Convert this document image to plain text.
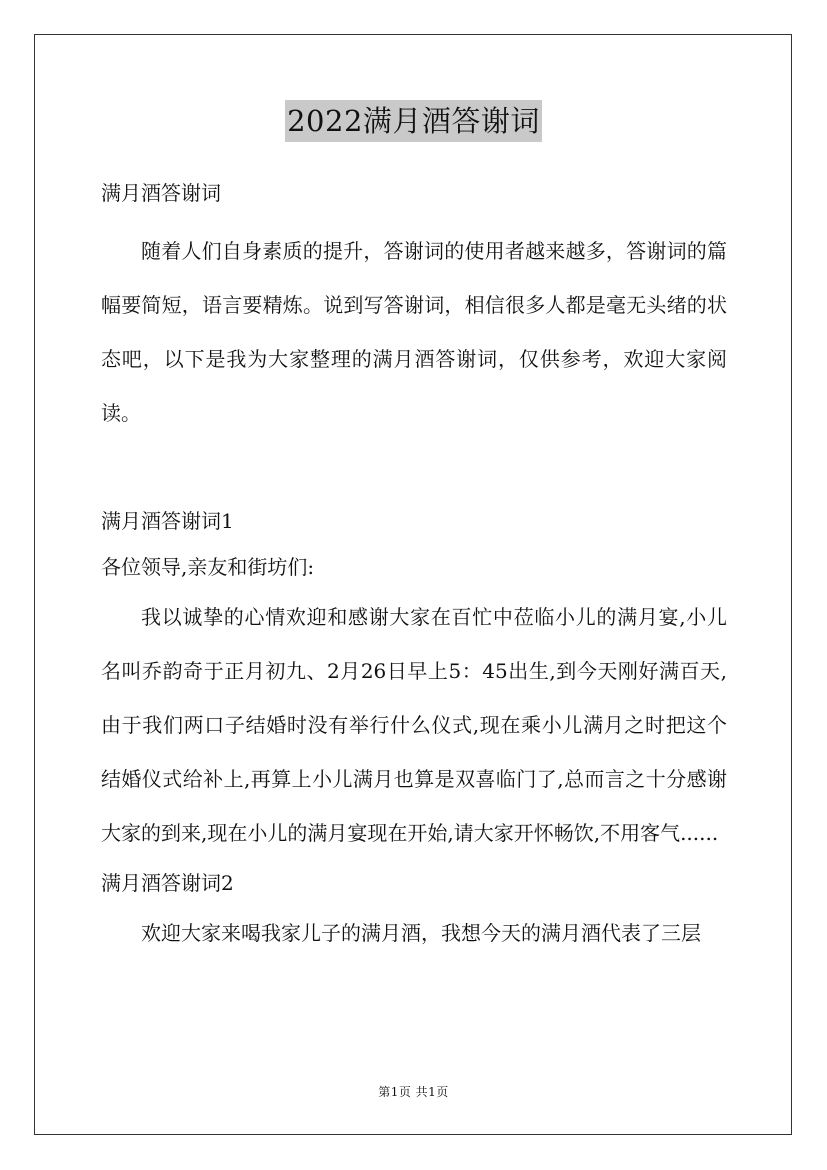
2022满月酒答谢词
满月酒答谢词

随着人们自身素质的提升，答谢词的使用者越来越多，答谢词的篇幅要简短，语言要精炼。说到写答谢词，相信很多人都是毫无头绪的状态吧，以下是我为大家整理的满月酒答谢词，仅供参考，欢迎大家阅读。

满月酒答谢词1
各位领导,亲友和街坊们:

我以诚挚的心情欢迎和感谢大家在百忙中莅临小儿的满月宴,小儿名叫乔韵奇于正月初九、2月26日早上5：45出生,到今天刚好满百天,由于我们两口子结婚时没有举行什么仪式,现在乘小儿满月之时把这个结婚仪式给补上,再算上小儿满月也算是双喜临门了,总而言之十分感谢大家的到来,现在小儿的满月宴现在开始,请大家开怀畅饮,不用客气......

满月酒答谢词2

欢迎大家来喝我家儿子的满月酒，我想今天的满月酒代表了三层

第1页 共1页
